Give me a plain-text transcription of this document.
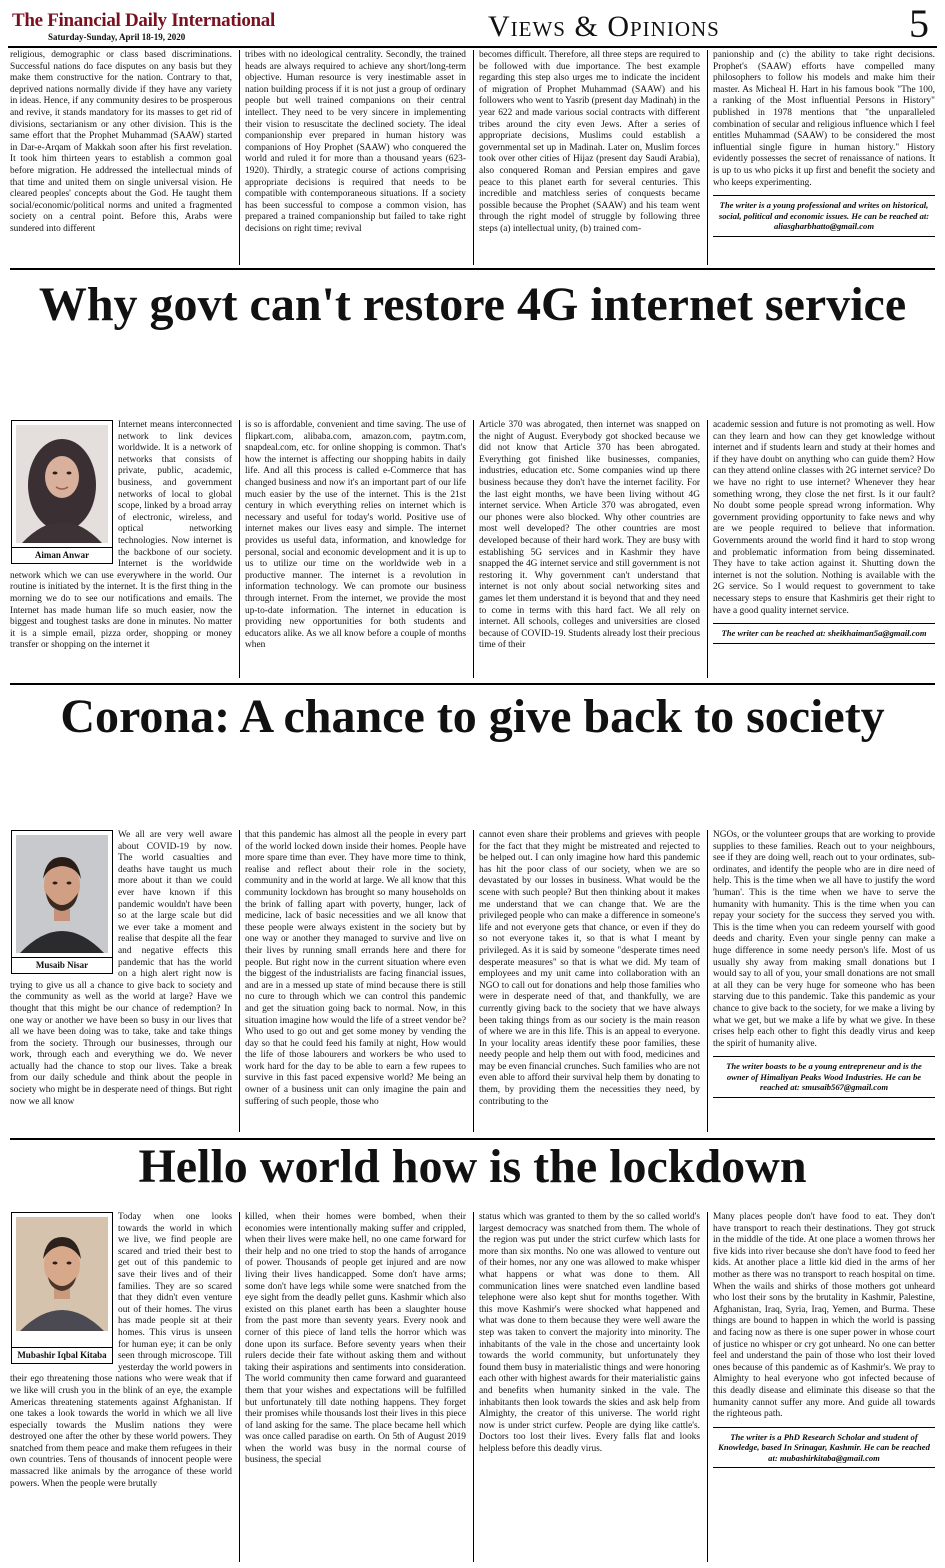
The Financial Daily International
Saturday-Sunday, April 18-19, 2020	Views & Opinions	5

religious, demographic or class based discriminations. Successful nations do face disputes on any basis but they make them constructive for the nation. Contrary to that, deprived nations normally divide if they have any variety in ideas. Hence, if any community desires to be prosperous and revive, it stands mandatory for its masses to get rid of divisions, sectarianism or any other division. This is the same effort that the Prophet Muhammad (SAAW) started in Dar-e-Arqam of Makkah soon after his first revelation. It took him thirteen years to establish a common goal before migration. He addressed the intellectual minds of that time and united them on single universal vision. He cleared peoples' concepts about the God. He taught them social/economic/political norms and united a fragmented society on a central point. Before this, Arabs were sundered into different

tribes with no ideological centrality. Secondly, the trained heads are always required to achieve any short/long-term objective. Human resource is very inestimable asset in nation building process if it is not just a group of ordinary people but well trained companions on their central intellect. They need to be very sincere in implementing their vision to resuscitate the declined society. The ideal companionship ever prepared in human history was companions of Hoy Prophet (SAAW) who conquered the world and ruled it for more than a thousand years (623-1920). Thirdly, a strategic course of actions comprising appropriate decisions is required that needs to be compatible with contemporaneous situations. If a society has been successful to compose a common vision, has prepared a trained companionship but failed to take right decisions on right time; revival

becomes difficult. Therefore, all three steps are required to be followed with due importance. The best example regarding this step also urges me to indicate the incident of migration of Prophet Muhammad (SAAW) and his followers who went to Yasrib (present day Madinah) in the year 622 and made various social contracts with different tribes around the city even Jews. After a series of appropriate decisions, Muslims could establish a governmental set up in Madinah. Later on, Muslim forces took over other cities of Hijaz (present day Saudi Arabia), also conquered Roman and Persian empires and gave peace to this planet earth for several centuries. This incredible and matchless series of conquests became possible because the Prophet (SAAW) and his team went through the right model of struggle by following three steps (a) intellectual unity, (b) trained com-

panionship and (c) the ability to take right decisions. Prophet's (SAAW) efforts have compelled many philosophers to follow his models and make him their master. As Micheal H. Hart in his famous book "The 100, a ranking of the Most influential Persons in History" published in 1978 mentions that "the unparalleled combination of secular and religious influence which I feel entitles Muhammad (SAAW) to be considered the most influential single figure in human history." History evidently possesses the secret of renaissance of nations. It is up to us who picks it up first and benefit the society and who keeps experimenting.

The writer is a young professional and writes on historical, social, political and economic issues. He can be reached at: aliasgharbhatto@gmail.com
Why govt can't restore 4G internet service
Aiman Anwar

Internet means interconnected network to link devices worldwide. It is a network of networks that consists of private, public, academic, business, and government networks of local to global scope, linked by a broad array of electronic, wireless, and optical networking technologies. Now internet is the backbone of our society. Internet is the worldwide network which we can use everywhere in the world. Our routine is initiated by the internet. It is the first thing in the morning we do to see our notifications and emails. The Internet has made human life so much easier, now the biggest and toughest tasks are done in minutes. No matter it is a simple email, pizza order, shopping or money transfer or shopping on the internet it

is so is affordable, convenient and time saving. The use of flipkart.com, alibaba.com, amazon.com, paytm.com, snapdeal.com, etc. for online shopping is common. That's how the internet is affecting our shopping habits in daily life. And all this process is called e-Commerce that has changed business and now it's an important part of our life much easier by the use of the internet. This is the 21st century in which everything relies on internet which is necessary and useful for today's world. Positive use of internet makes our lives easy and simple. The internet provides us useful data, information, and knowledge for personal, social and economic development and it is up to us to utilize our time on the worldwide web in a productive manner. The internet is a revolution in information technology. We can promote our business through internet. From the internet, we provide the most up-to-date information. The internet in education is providing new opportunities for both students and educators alike. As we all know before a couple of months when

Article 370 was abrogated, then internet was snapped on the night of August. Everybody got shocked because we did not know that Article 370 has been abrogated. Everything got finished like businesses, companies, industries, education etc. Some companies wind up there business because they don't have the internet facility. For the last eight months, we have been living without 4G internet service. When Article 370 was abrogated, even our phones were also blocked. Why other countries are most well developed? The other countries are most developed because of their hard work. They are busy with establishing 5G services and in Kashmir they have snapped the 4G internet service and still government is not restoring it. Why government can't understand that internet is not only about social networking sites and games let them understand it is beyond that and they need to come in terms with this hard fact. We all rely on internet. All schools, colleges and universities are closed because of COVID-19. Students already lost their precious time of their

academic session and future is not promoting as well. How can they learn and how can they get knowledge without internet and if students learn and study at their homes and if they have doubt on anything who can guide them? How can they attend online classes with 2G internet service? Do we have no right to use internet? Whenever they hear something wrong, they close the net first. Is it our fault? No doubt some people spread wrong information. Why government providing opportunity to fake news and why are we people required to believe that information. Governments around the world find it hard to stop wrong and problematic information from being disseminated. They have to take action against it. Shutting down the internet is not the solution. Nothing is available with the 2G service. So I would request to government to take necessary steps to ensure that Kashmiris get their right to have a good quality internet service.

The writer can be reached at: sheikhaiman5a@gmail.com
Corona: A chance to give back to society
Musaib Nisar

We all are very well aware about COVID-19 by now. The world casualties and deaths have taught us much more about it than we could ever have known if this pandemic wouldn't have been so at the large scale but did we ever take a moment and realise that despite all the fear and negative effects this pandemic that has the world on a high alert right now is trying to give us all a chance to give back to society and the community as well as the world at large? Have we thought that this might be our chance of redemption? In one way or another we have been so busy in our lives that all we have been doing was to take, take and take things from the society. Through our businesses, through our work, through each and everything we do. We never actually had the chance to stop our lives. Take a break from our daily schedule and think about the people in society who might be in desperate need of things. But right now we all know

that this pandemic has almost all the people in every part of the world locked down inside their homes. People have more spare time than ever. They have more time to think, realise and reflect about their role in the society, community and in the world at large. We all know that this community lockdown has brought so many households on the brink of falling apart with poverty, hunger, lack of medicine, lack of basic necessities and we all know that these people were always existent in the society but by one way or another they managed to survive and live on their lives by running small errands here and there for people. But right now in the current situation where even the biggest of the industrialists are facing financial issues, and are in a messed up state of mind because there is still no cure to through which we can control this pandemic and get the situation going back to normal. Now, in this situation imagine how would the life of a street vendor be? Who used to go out and get some money by vending the day so that he could feed his family at night, How would the life of those labourers and workers be who used to work hard for the day to be able to earn a few rupees to survive in this fast paced expensive world? Me being an owner of a business unit can only imagine the pain and suffering of such people, those who

cannot even share their problems and grieves with people for the fact that they might be mistreated and rejected to be helped out. I can only imagine how hard this pandemic has hit the poor class of our society, when we are so devastated by our losses in business. What would be the scene with such people? But then thinking about it makes me understand that we can change that. We are the privileged people who can make a difference in someone's life and not everyone gets that chance, or even if they do so not everyone takes it, so that is what I meant by privileged. As it is said by someone "desperate times need desperate measures" so that is what we did. My team of employees and my unit came into collaboration with an NGO to call out for donations and help those families who were in desperate need of that, and thankfully, we are currently giving back to the society that we have always been taking things from as our society is the main reason of where we are in this life. This is an appeal to everyone. In your locality areas identify these poor families, these needy people and help them out with food, medicines and may be even financial crunches. Such families who are not even able to afford their survival help them by donating to them, by providing them the necessities they need, by contributing to the

NGOs, or the volunteer groups that are working to provide supplies to these families. Reach out to your neighbours, see if they are doing well, reach out to your ordinates, sub-ordinates, and identify the people who are in dire need of help. This is the time when we all have to justify the word 'human'. This is the time when we have to serve the humanity with humanity. This is the time when you can repay your society for the success they served you with. This is the time when you can redeem yourself with good deeds and charity. Even your single penny can make a huge difference in some needy person's life. Most of us usually shy away from making small donations but I would say to all of you, your small donations are not small at all they can be very huge for someone who has been starving due to this pandemic. Take this pandemic as your chance to give back to the society, for we make a living by what we get, but we make a life by what we give. In these crises help each other to fight this deadly virus and keep the spirit of humanity alive.

The writer boasts to be a young entrepreneur and is the owner of Himaliyan Peaks Wood Industries. He can be reached at: smusaib567@gmail.com
Hello world how is the lockdown
Mubashir Iqbal Kitaba

Today when one looks towards the world in which we live, we find people are scared and tried their best to get out of this pandemic to save their lives and of their families. They are so scared that they didn't even venture out of their homes. The virus has made people sit at their homes. This virus is unseen for human eye; it can be only seen through microscope. Till yesterday the world powers in their ego threatening those nations who were weak that if we like will crush you in the blink of an eye, the example Americas threatening statements against Afghanistan. If one takes a look towards the world in which we all live especially towards the Muslim nations they were destroyed one after the other by these world powers. They snatched from them peace and make them refugees in their own countries. Tens of thousands of innocent people were massacred like animals by the arrogance of these world powers. When the people were brutally

killed, when their homes were bombed, when their economies were intentionally making suffer and crippled, when their lives were make hell, no one came forward for their help and no one tried to stop the hands of arrogance of power. Thousands of people get injured and are now living their lives handicapped. Some don't have arms; some don't have legs while some were snatched from the eye sight from the deadly pellet guns. Kashmir which also existed on this planet earth has been a slaughter house from the past more than seventy years. Every nook and corner of this piece of land tells the horror which was done upon its surface. Before seventy years when their rulers decide their fate without asking them and without taking their aspirations and sentiments into consideration. The world community then came forward and guaranteed them that your wishes and expectations will be fulfilled but unfortunately till date nothing happens. They forget their promises while thousands lost their lives in this piece of land asking for the same. The place became hell which was once called paradise on earth. On 5th of August 2019 when the world was busy in the normal course of business, the special

status which was granted to them by the so called world's largest democracy was snatched from them. The whole of the region was put under the strict curfew which lasts for more than six months. No one was allowed to venture out of their homes, nor any one was allowed to make whisper what happens or what was done to them. All communication lines were snatched even landline based telephone were also kept shut for months together. With this move Kashmir's were shocked what happened and what was done to them because they were well aware the step was taken to convert the majority into minority. The inhabitants of the vale in the chose and uncertainty look towards the world community, but unfortunately they found them busy in materialistic things and were honoring each other with highest awards for their materialistic gains and benefits when humanity sinked in the vale. The inhabitants then look towards the skies and ask help from Almighty, the creator of this universe. The world right now is under strict curfew. People are dying like cattle's. Doctors too lost their lives. Every falls flat and looks helpless before this deadly virus.

Many places people don't have food to eat. They don't have transport to reach their destinations. They got struck in the middle of the tide. At one place a women throws her five kids into river because she don't have food to feed her kids. At another place a little kid died in the arms of her mother as there was no transport to reach hospital on time. When the wails and shirks of those mothers got unheard who lost their sons by the brutality in Kashmir, Palestine, Afghanistan, Iraq, Syria, Iraq, Yemen, and Burma. These things are bound to happen in which the world is passing and facing now as there is one super power in whose court of justice no whisper or cry got unheard. No one can better feel and understand the pain of those who lost their loved ones because of this pandemic as of Kashmir's. We pray to Almighty to heal everyone who got infected because of this deadly disease and eliminate this disease so that the humanity cannot suffer any more. And guide all towards the righteous path.

The writer is a PhD Research Scholar and student of Knowledge, based In Srinagar, Kashmir. He can be reached at: mubashirkitaba@gmail.com
